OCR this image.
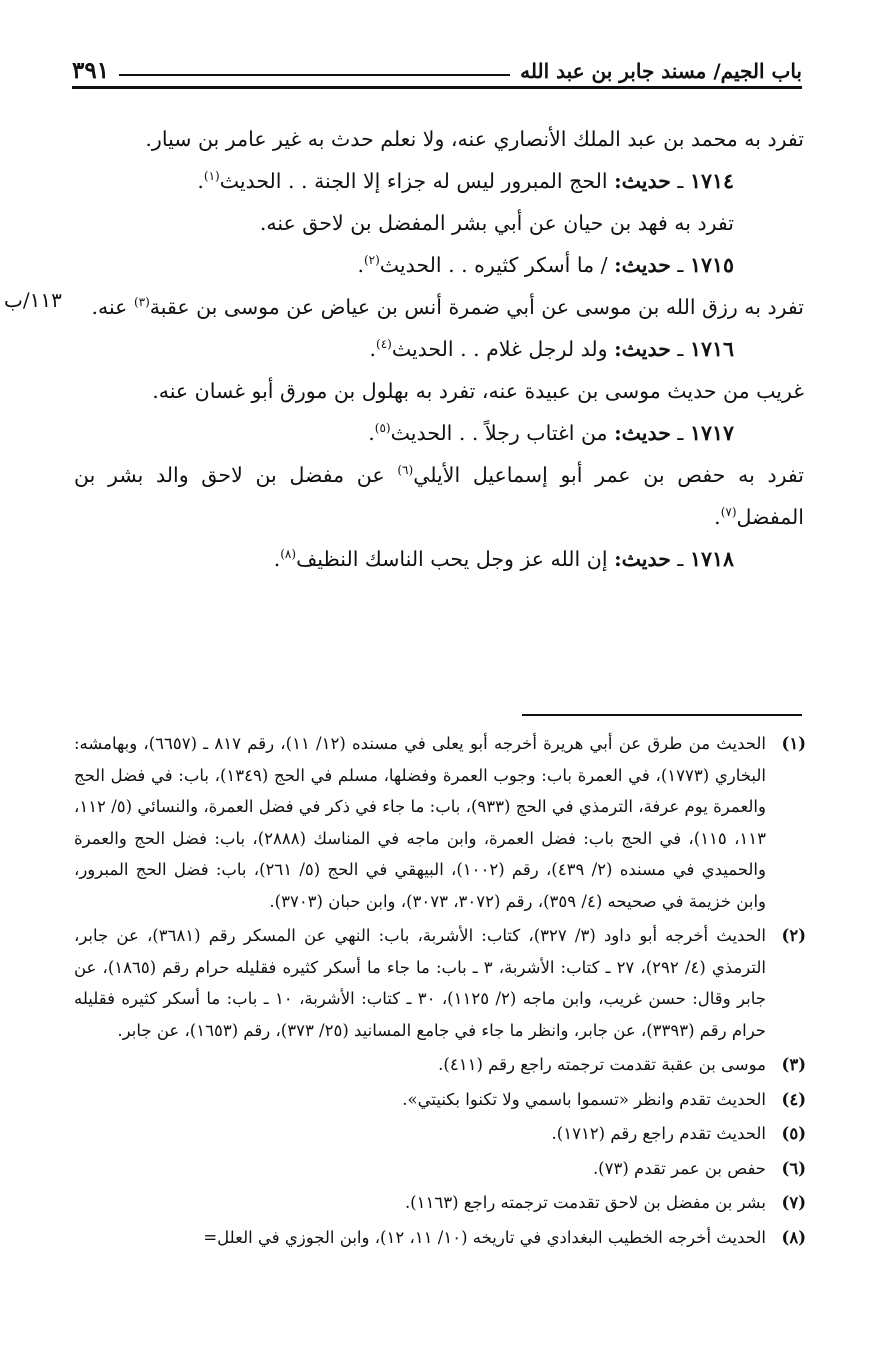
باب الجيم/ مسند جابر بن عبد الله
٣٩١
١١٣/ب

تفرد به محمد بن عبد الملك الأنصاري عنه، ولا نعلم حدث به غير عامر بن سيار.

١٧١٤ ـ حديث: الحج المبرور ليس له جزاء إلا الجنة . . الحديث$^{(١)}$.

تفرد به فهد بن حيان عن أبي بشر المفضل بن لاحق عنه.

١٧١٥ ـ حديث: / ما أسكر كثيره . . الحديث$^{(٢)}$.

تفرد به رزق الله بن موسى عن أبي ضمرة أنس بن عياض عن موسى بن عقبة$^{(٣)}$ عنه.

١٧١٦ ـ حديث: ولد لرجل غلام . . الحديث$^{(٤)}$.

غريب من حديث موسى بن عبيدة عنه، تفرد به بهلول بن مورق أبو غسان عنه.

١٧١٧ ـ حديث: من اغتاب رجلاً . . الحديث$^{(٥)}$.

تفرد به حفص بن عمر أبو إسماعيل الأيلي$^{(٦)}$ عن مفضل بن لاحق والد بشر بن المفضل$^{(٧)}$.

١٧١٨ ـ حديث: إن الله عز وجل يحب الناسك النظيف$^{(٨)}$.

(١)
الحديث من طرق عن أبي هريرة أخرجه أبو يعلى في مسنده (١٢/ ١١)، رقم ٨١٧ ـ (٦٦٥٧)، وبهامشه: البخاري (١٧٧٣)، في العمرة باب: وجوب العمرة وفضلها، مسلم في الحج (١٣٤٩)، باب: في فضل الحج والعمرة يوم عرفة، الترمذي في الحج (٩٣٣)، باب: ما جاء في ذكر في فضل العمرة، والنسائي (٥/ ١١٢، ١١٣، ١١٥)، في الحج باب: فضل العمرة، وابن ماجه في المناسك (٢٨٨٨)، باب: فضل الحج والعمرة والحميدي في مسنده (٢/ ٤٣٩)، رقم (١٠٠٢)، البيهقي في الحج (٥/ ٢٦١)، باب: فضل الحج المبرور، وابن خزيمة في صحيحه (٤/ ٣٥٩)، رقم (٣٠٧٢، ٣٠٧٣)، وابن حبان (٣٧٠٣).
(٢)
الحديث أخرجه أبو داود (٣/ ٣٢٧)، كتاب: الأشربة، باب: النهي عن المسكر رقم (٣٦٨١)، عن جابر، الترمذي (٤/ ٢٩٢)، ٢٧ ـ كتاب: الأشربة، ٣ ـ باب: ما جاء ما أسكر كثيره فقليله حرام رقم (١٨٦٥)، عن جابر وقال: حسن غريب، وابن ماجه (٢/ ١١٢٥)، ٣٠ ـ كتاب: الأشربة، ١٠ ـ باب: ما أسكر كثيره فقليله حرام رقم (٣٣٩٣)، عن جابر، وانظر ما جاء في جامع المسانيد (٢٥/ ٣٧٣)، رقم (١٦٥٣)، عن جابر.
(٣)
موسى بن عقبة تقدمت ترجمته راجع رقم (٤١١).
(٤)
الحديث تقدم وانظر «تسموا باسمي ولا تكنوا بكنيتي».
(٥)
الحديث تقدم راجع رقم (١٧١٢).
(٦)
حفص بن عمر تقدم (٧٣).
(٧)
بشر بن مفضل بن لاحق تقدمت ترجمته راجع (١١٦٣).
(٨)
الحديث أخرجه الخطيب البغدادي في تاريخه (١٠/ ١١، ١٢)، وابن الجوزي في العلل=
